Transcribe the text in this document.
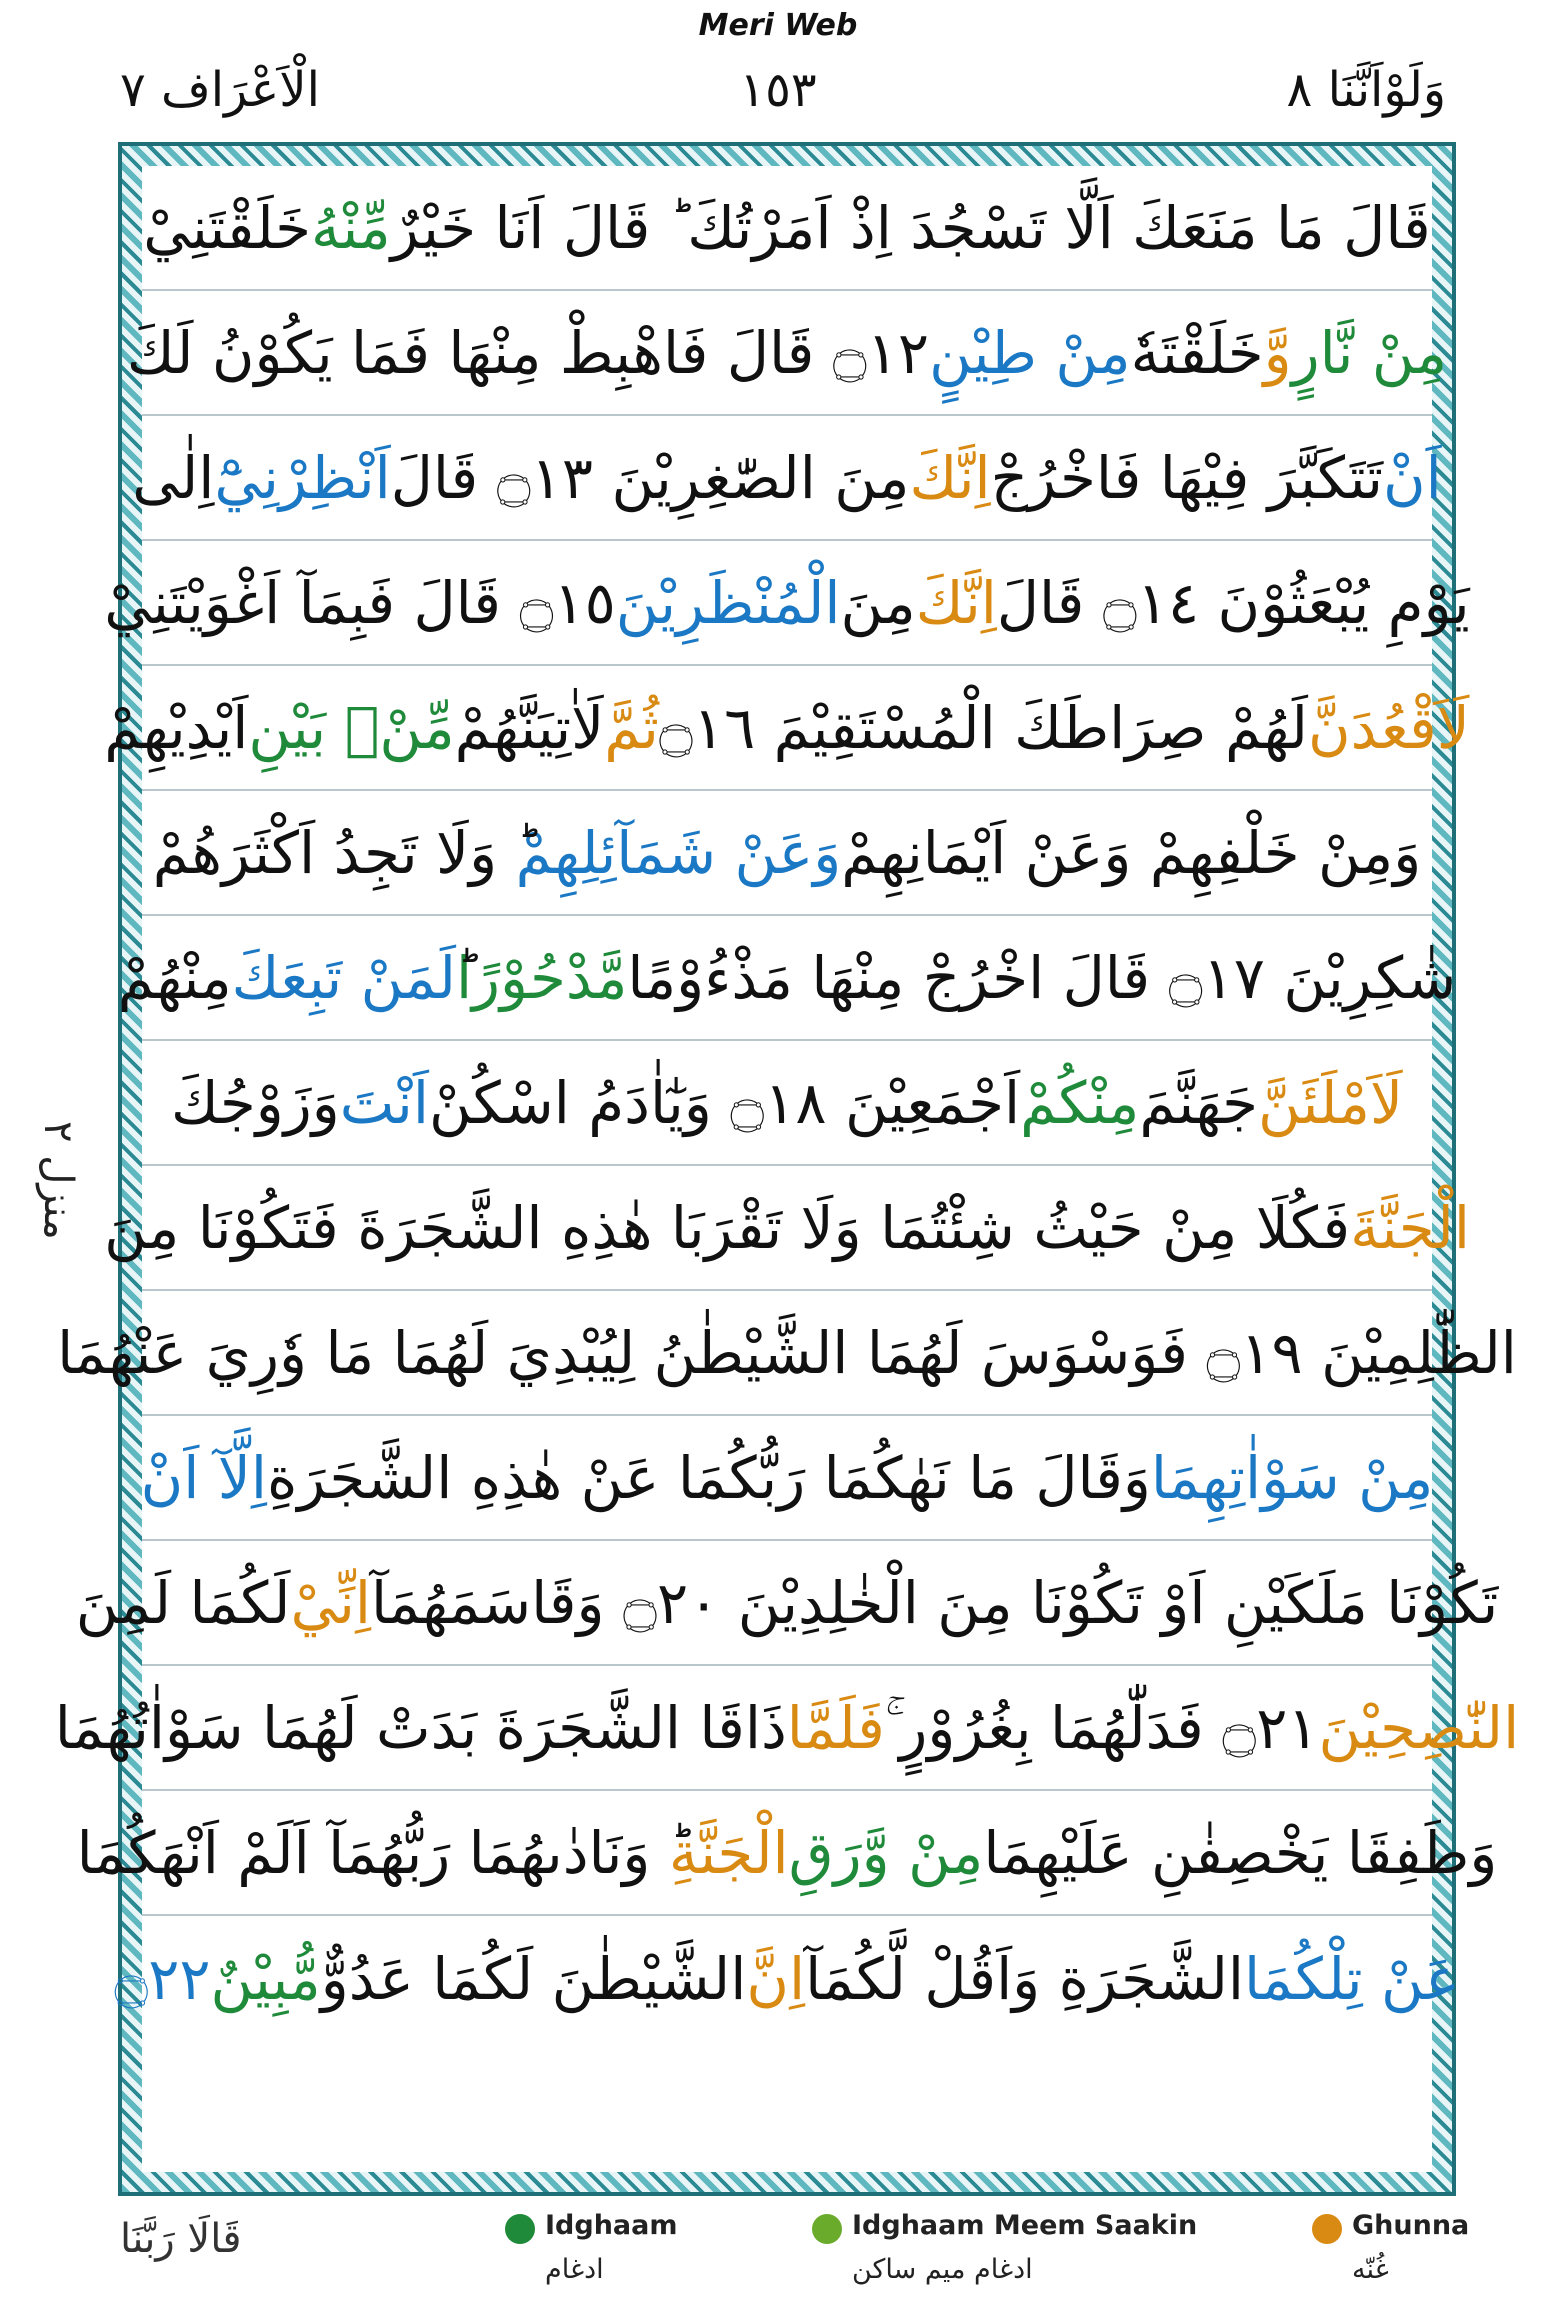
Meri Web
الْاَعْرَاف ٧	١٥٣	وَلَوْاَنَّنَا ٨
منزل ٢
قَالَ مَا مَنَعَكَ اَلَّا تَسْجُدَ اِذْ اَمَرْتُكَ ؕ قَالَ اَنَا خَيْرٌ
مِّنْهُ
خَلَقْتَنِيْ
مِنْ نَّارٍ
وَّ
خَلَقْتَهٗ
مِنْ طِيْنٍ
۝١٢ قَالَ فَاهْبِطْ مِنْهَا فَمَا يَكُوْنُ لَكَ
اَنْ
تَتَكَبَّرَ فِيْهَا فَاخْرُجْ
اِنَّكَ
مِنَ الصّٰغِرِيْنَ ۝١٣ قَالَ
اَنْظِرْنِيْٓ
اِلٰى
يَوْمِ يُبْعَثُوْنَ ۝١٤ قَالَ
اِنَّكَ
مِنَ
الْمُنْظَرِيْنَ
۝١٥ قَالَ فَبِمَآ اَغْوَيْتَنِيْ
لَاَقْعُدَنَّ
لَهُمْ صِرَاطَكَ الْمُسْتَقِيْمَ ۝١٦
ثُمَّ
لَاٰتِيَنَّهُمْ
مِّنْۢ بَيْنِ
اَيْدِيْهِمْ
وَمِنْ خَلْفِهِمْ وَعَنْ اَيْمَانِهِمْ
وَعَنْ شَمَآئِلِهِمْ
ؕ وَلَا تَجِدُ اَكْثَرَهُمْ
شٰكِرِيْنَ ۝١٧ قَالَ اخْرُجْ مِنْهَا مَذْءُوْمًا
مَّدْحُوْرًا
لَمَنْ تَبِعَكَ
مِنْهُمْ
لَاَمْلَئَنَّ
جَهَنَّمَ
مِنْكُمْ
اَجْمَعِيْنَ ۝١٨ وَيٰٓاٰدَمُ اسْكُنْ
اَنْتَ
وَزَوْجُكَ
الْجَنَّةَ
فَكُلَا مِنْ حَيْثُ شِئْتُمَا وَلَا تَقْرَبَا هٰذِهِ الشَّجَرَةَ فَتَكُوْنَا مِنَ
الظّٰلِمِيْنَ ۝١٩ فَوَسْوَسَ لَهُمَا الشَّيْطٰنُ لِيُبْدِيَ لَهُمَا مَا وٗرِيَ عَنْهُمَا
مِنْ سَوْاٰتِهِمَا
وَقَالَ مَا نَهٰكُمَا رَبُّكُمَا عَنْ هٰذِهِ الشَّجَرَةِ
اِلَّآ اَنْ
تَكُوْنَا مَلَكَيْنِ اَوْ تَكُوْنَا مِنَ الْخٰلِدِيْنَ ۝٢٠ وَقَاسَمَهُمَآ
اِنِّيْ
لَكُمَا لَمِنَ
النّٰصِحِيْنَ
۝٢١ فَدَلّٰهُمَا بِغُرُوْرٍ ۚ
فَلَمَّا
ذَاقَا الشَّجَرَةَ بَدَتْ لَهُمَا سَوْاٰتُهُمَا
وَطَفِقَا يَخْصِفٰنِ عَلَيْهِمَا
مِنْ وَّرَقِ
الْجَنَّةِ
ؕ وَنَادٰىهُمَا رَبُّهُمَآ اَلَمْ اَنْهَكُمَا
عَنْ تِلْكُمَا
الشَّجَرَةِ وَاَقُلْ لَّكُمَآ
اِنَّ
الشَّيْطٰنَ لَكُمَا عَدُوٌّ
مُّبِيْنٌ
۝٢٢
قَالَا رَبَّنَا	Idghaam
ادغام
Idghaam Meem Saakin
ادغام ميم ساكن
Ghunna
غُنّه
